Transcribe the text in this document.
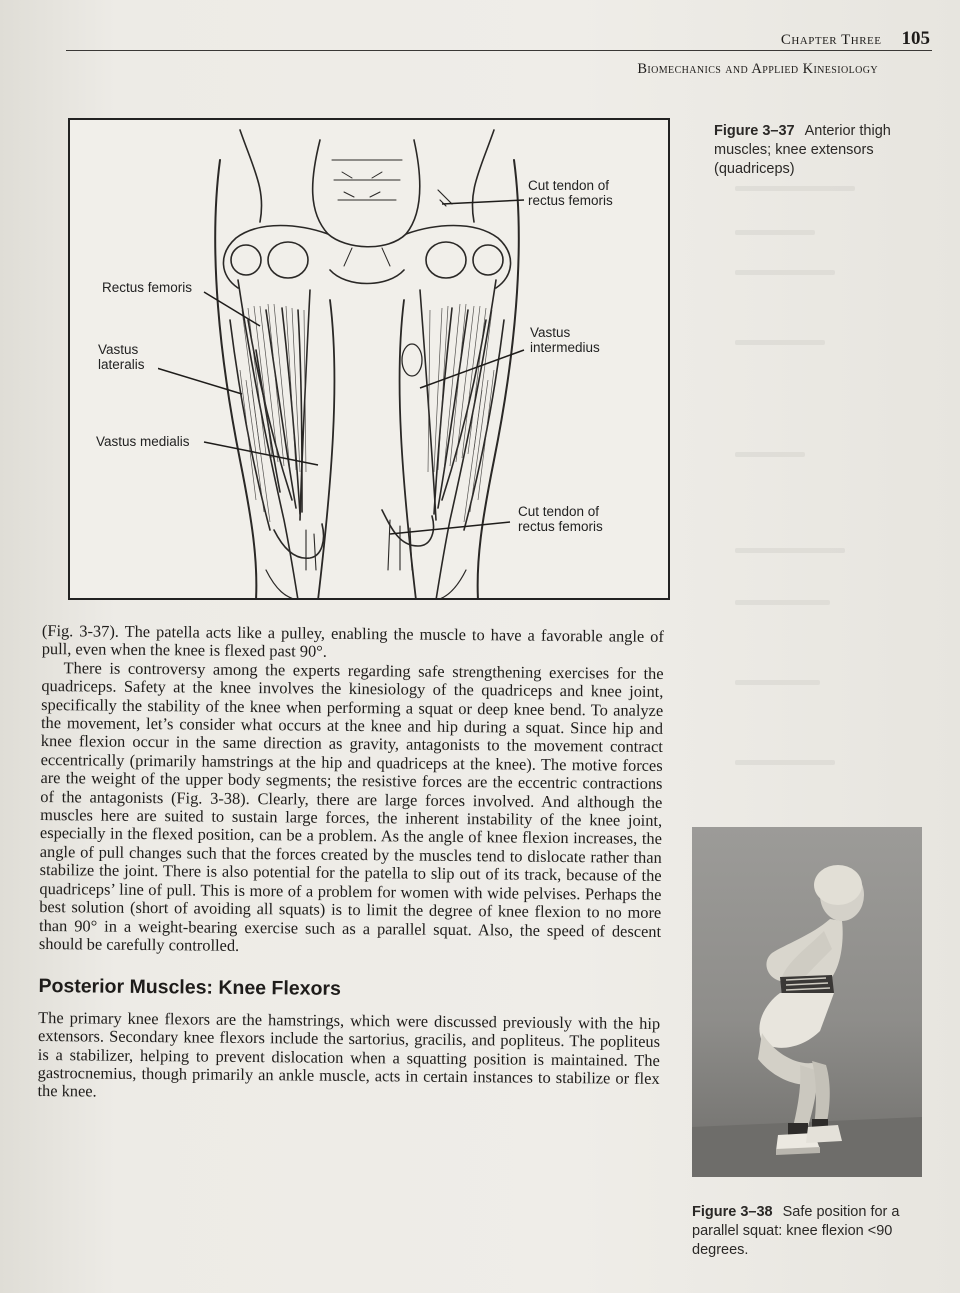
Chapter Three 105
Biomechanics and Applied Kinesiology
Cut tendon of rectus femoris
Rectus femoris
Vastus lateralis
Vastus intermedius
Vastus medialis
Cut tendon of rectus femoris
Figure 3–37 Anterior thigh muscles; knee extensors (quadriceps)

(Fig. 3-37). The patella acts like a pulley, enabling the muscle to have a favorable angle of pull, even when the knee is flexed past 90°.

There is controversy among the experts regarding safe strengthening exercises for the quadriceps. Safety at the knee involves the kinesiology of the quadriceps and knee joint, specifically the stability of the knee when performing a squat or deep knee bend. To analyze the movement, let’s consider what occurs at the knee and hip during a squat. Since hip and knee flexion occur in the same direction as gravity, antagonists to the movement contract eccentrically (primarily hamstrings at the hip and quadriceps at the knee). The motive forces are the weight of the upper body segments; the resistive forces are the eccentric contractions of the antagonists (Fig. 3-38). Clearly, there are large forces involved. And although the muscles here are suited to sustain large forces, the inherent instability of the knee joint, especially in the flexed position, can be a problem. As the angle of knee flexion increases, the angle of pull changes such that the forces created by the muscles tend to dislocate rather than stabilize the joint. There is also potential for the patella to slip out of its track, because of the quadriceps’ line of pull. This is more of a problem for women with wide pelvises. Perhaps the best solution (short of avoiding all squats) is to limit the degree of knee flexion to no more than 90° in a weight-bearing exercise such as a parallel squat. Also, the speed of descent should be carefully controlled.

Posterior Muscles: Knee Flexors

The primary knee flexors are the hamstrings, which were discussed previously with the hip extensors. Secondary knee flexors include the sartorius, gracilis, and popliteus. The popliteus is a stabilizer, helping to prevent dislocation when a squatting position is maintained. The gastrocnemius, though primarily an ankle muscle, acts in certain instances to stabilize or flex the knee.

Figure 3–38 Safe position for a parallel squat: knee flexion <90 degrees.
